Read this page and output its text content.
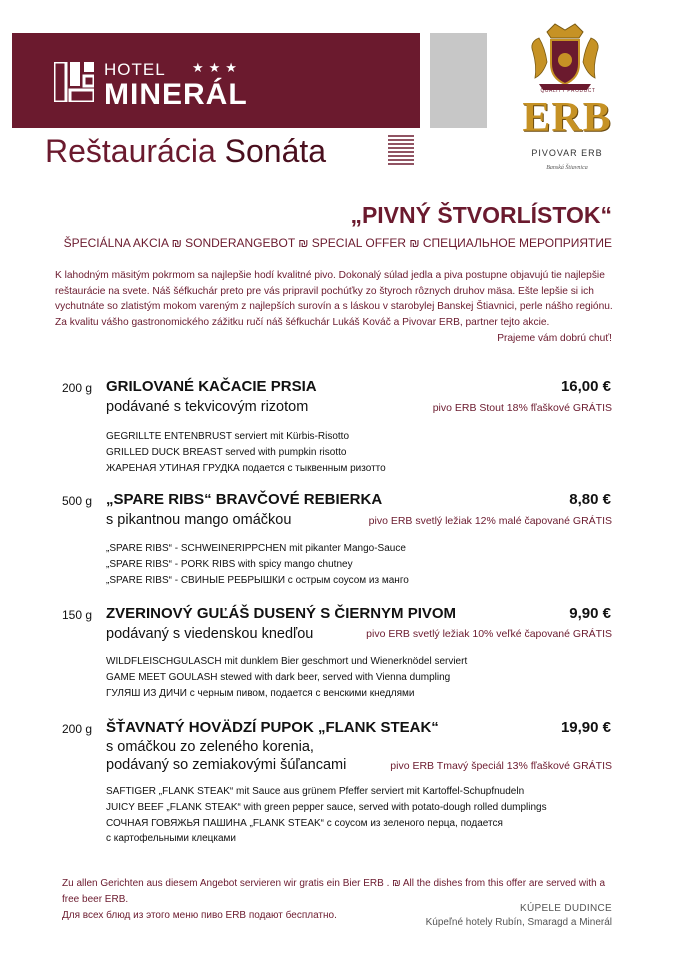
HOTEL ★★★
MINERÁL
Reštaurácia Sonáta
QUALITY PRODUCT
ERB
PIVOVAR ERB
Banská Štiavnica
„PIVNÝ ŠTVORLÍSTOK“
ŠPECIÁLNA AKCIA ₪ SONDERANGEBOT ₪ SPECIAL OFFER ₪ СПЕЦИАЛЬНОЕ МЕРОПРИЯТИЕ
K lahodným mäsitým pokrmom sa najlepšie hodí kvalitné pivo. Dokonalý súlad jedla a piva postupne objavujú tie najlepšie reštaurácie na svete. Náš šéfkuchár preto pre vás pripravil pochúťky zo štyroch rôznych druhov mäsa. Ešte lepšie si ich vychutnáte so zlatistým mokom vareným z najlepších surovín a s láskou v starobylej Banskej Štiavnici, perle nášho regiónu. Za kvalitu vášho gastronomického zážitku ručí náš šéfkuchár Lukáš Kováč a Pivovar ERB, partner tejto akcie.
Prajeme vám dobrú chuť!
200 g GRILOVANÉ KAČACIE PRSIA	16,00 €
podávané s tekvicovým rizotom	pivo ERB Stout 18% fľaškové GRÁTIS
GEGRILLTE ENTENBRUST serviert mit Kürbis-Risotto
GRILLED DUCK BREAST served with pumpkin risotto
ЖАРЕНАЯ УТИНАЯ ГРУДКА подается с тыквенным ризотто
500 g „SPARE RIBS“ BRAVČOVÉ REBIERKA	8,80 €
s pikantnou mango omáčkou	pivo ERB svetlý ležiak 12% malé čapované GRÁTIS
„SPARE RIBS“ - SCHWEINERIPPCHEN mit pikanter Mango-Sauce
„SPARE RIBS“ - PORK RIBS with spicy mango chutney
„SPARE RIBS“ - СВИНЫЕ РЕБРЫШКИ с острым соусом из манго
150 g ZVERINOVÝ GUĽÁŠ DUSENÝ S ČIERNYM PIVOM	9,90 €
podávaný s viedenskou knedľou	pivo ERB svetlý ležiak 10% veľké čapované GRÁTIS
WILDFLEISCHGULASCH mit dunklem Bier geschmort und Wienerknödel serviert
GAME MEET GOULASH stewed with dark beer, served with Vienna dumpling
ГУЛЯШ ИЗ ДИЧИ с черным пивом, подается с венскими кнедлями
200 g ŠŤAVNATÝ HOVÄDZÍ PUPOK „FLANK STEAK“	19,90 €
s omáčkou zo zeleného korenia,
podávaný so zemiakovými šúľancami	pivo ERB Tmavý špeciál 13% fľaškové GRÁTIS
SAFTIGER „FLANK STEAK“ mit Sauce aus grünem Pfeffer serviert mit Kartoffel-Schupfnudeln
JUICY BEEF „FLANK STEAK“ with green pepper sauce, served with potato-dough rolled dumplings
СОЧНАЯ ГОВЯЖЬЯ ПАШИНА „FLANK STEAK“ с соусом из зеленого перца, подается
с картофельными клецками
Zu allen Gerichten aus diesem Angebot servieren wir gratis ein Bier ERB . ₪ All the dishes from this offer are served with a free beer ERB.
Для всех блюд из этого меню пиво ERB подают бесплатно.
KÚPELE DUDINCE
Kúpeľné hotely Rubín, Smaragd a Minerál
